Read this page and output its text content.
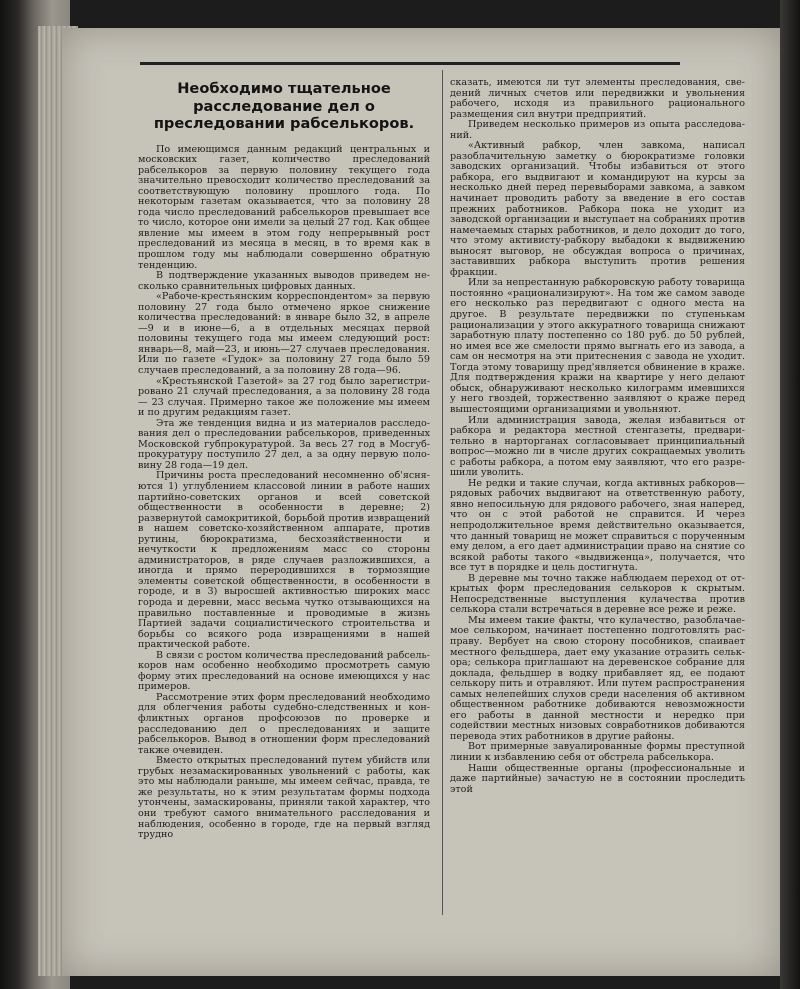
1094	№ 42—43
Необходимо тщательное расследование дел о преследовании рабселькоров.

По имеющимся данным редакций центральных и московских газет, количество преследований рабселькоров за первую половину текущего года значительно превосходит количество преследований за соответствующую половину прошлого года. По некоторым газетам оказывается, что за половину 28 года число преследований рабселькоров превышает все то число, которое они имели за целый 27 год. Как общее явление мы имеем в этом году непрерывный рост преследований из месяца в месяц, в то время как в прошлом году мы наблюдали совершенно обратную тенденцию.

В подтверждение указанных выводов приведем несколько сравнительных цифровых данных.

«Рабоче-крестьянским корреспондентом» за первую половину 27 года было отмечено яркое снижение количества преследований: в январе было 32, в апреле—9 и в июне—6, а в отдельных месяцах первой половины текущего года мы имеем следующий рост: январь—8, май—23, и июнь—27 случаев преследования. Или по газете «Гудок» за половину 27 года было 59 случаев преследований, а за половину 28 года—96.

«Крестьянской Газетой» за 27 год было зарегистрировано 21 случай преследования, а за половину 28 года— 23 случая. Примерно такое же положение мы имеем и по другим редакциям газет.

Эта же тенденция видна и из материалов расследования дел о преследовании рабселькоров, приведенных Московской губпрокуратурой. За весь 27 год в Мосгубпрокуратуру поступило 27 дел, а за одну первую половину 28 года—19 дел.

Причины роста преследований несомненно об'ясняются 1) углублением классовой линии в работе наших партийно-советских органов и всей советской общественности в особенности в деревне; 2) развернутой самокритикой, борьбой против извращений в нашем советско-хозяйственном аппарате, против рутины, бюрократизма, бесхозяйственности и нечуткости к предложениям масс со стороны администраторов, в ряде случаев разложившихся, а иногда и прямо переродившихся в тормозящие элементы советской общественности, в особенности в городе, и в 3) выросшей активностью широких масс города и деревни, масс весьма чутко отзывающихся на правильно поставленные и проводимые в жизнь Партией задачи социалистического строительства и борьбы со всякого рода извращениями в нашей практической работе.

В связи с ростом количества преследований рабселькоров нам особенно необходимо просмотреть самую форму этих преследований на основе имеющихся у нас примеров.

Рассмотрение этих форм преследований необходимо для облегчения работы судебно-следственных и конфликтных органов профсоюзов по проверке и расследованию дел о преследованиях и защите рабселькоров. Вывод в отношении форм преследований также очевиден.

Вместо открытых преследований путем убийств или грубых незамаскированных увольнений с работы, как это мы наблюдали раньше, мы имеем сейчас, правда, те же результаты, но к этим результатам формы подхода утончены, замаскированы, приняли такой характер, что они требуют самого внимательного расследования и наблюдения, особенно в городе, где на первый взгляд трудно

сказать, имеются ли тут элементы преследования, сведений личных счетов или передвижки и увольнения рабочего, исходя из правильного рационального размещения сил внутри предприятий.

Приведем несколько примеров из опыта расследований.

«Активный рабкор, член завкома, написал разоблачительную заметку о бюрократизме головки заводских организаций. Чтобы избавиться от этого рабкора, его выдвигают и командируют на курсы за несколько дней перед перевыборами завкома, а завком начинает проводить работу за введение в его состав прежних работников. Рабкора пока не уходит из заводской организации и выступает на собраниях против намечаемых старых работников, и дело доходит до того, что этому активисту-рабкору выбадоки к выдвижению выносят выговор, не обсуждая вопроса о причинах, заставивших рабкора выступить против решения фракции.

Или за непрестанную рабкоровскую работу товарища постоянно «рационализируют». На том же самом заводе его несколько раз передвигают с одного места на другое. В результате передвижки по ступенькам рационализации у этого аккуратного товарища снижают заработную плату постепенно со 180 руб. до 50 рублей, но имея все же смелости прямо выгнать его из завода, а сам он несмотря на эти притеснения с завода не уходит. Тогда этому товарищу пред'является обвинение в краже. Для подтверждения кражи на квартире у него делают обыск, обнаруживают несколько килограмм имевшихся у него гвоздей, торжественно заявляют о краже перед вышестоящими организациями и увольняют.

Или администрация завода, желая избавиться от рабкора и редактора местной стенгазеты, предварительно в нарторганах согласовывает принципиальный вопрос—можно ли в числе других сокращаемых уволить с работы рабкора, а потом ему заявляют, что его разрешили уволить.

Не редки и такие случаи, когда активных рабкоров— рядовых рабочих выдвигают на ответственную работу, явно непосильную для рядового рабочего, зная наперед, что он с этой работой не справится. И через непродолжительное время действительно оказывается, что данный товарищ не может справиться с порученным ему делом, а его дает администрации право на снятие со всякой работы такого «выдвиженца», получается, что все тут в порядке и цель достигнута.

В деревне мы точно также наблюдаем переход от открытых форм преследования селькоров к скрытым. Непосредственные выступления кулачества против селькора стали встречаться в деревне все реже и реже.

Мы имеем такие факты, что кулачество, разоблачаемое селькором, начинает постепенно подготовлять расправу. Вербует на свою сторону пособников, спаивает местного фельдшера, дает ему указание отразить селькора; селькора приглашают на деревенское собрание для доклада, фельдшер в водку прибавляет яд, ее подают селькору пить и отравляют. Или путем распространения самых нелепейших слухов среди населения об активном общественном работнике добиваются невозможности его работы в данной местности и нередко при содействии местных низовых совработников добиваются перевода этих работников в другие районы.

Вот примерные завуалированные формы преступной линии к избавлению себя от обстрела рабселькора.

Наши общественные органы (профессиональные и даже партийные) зачастую не в состоянии проследить этой
